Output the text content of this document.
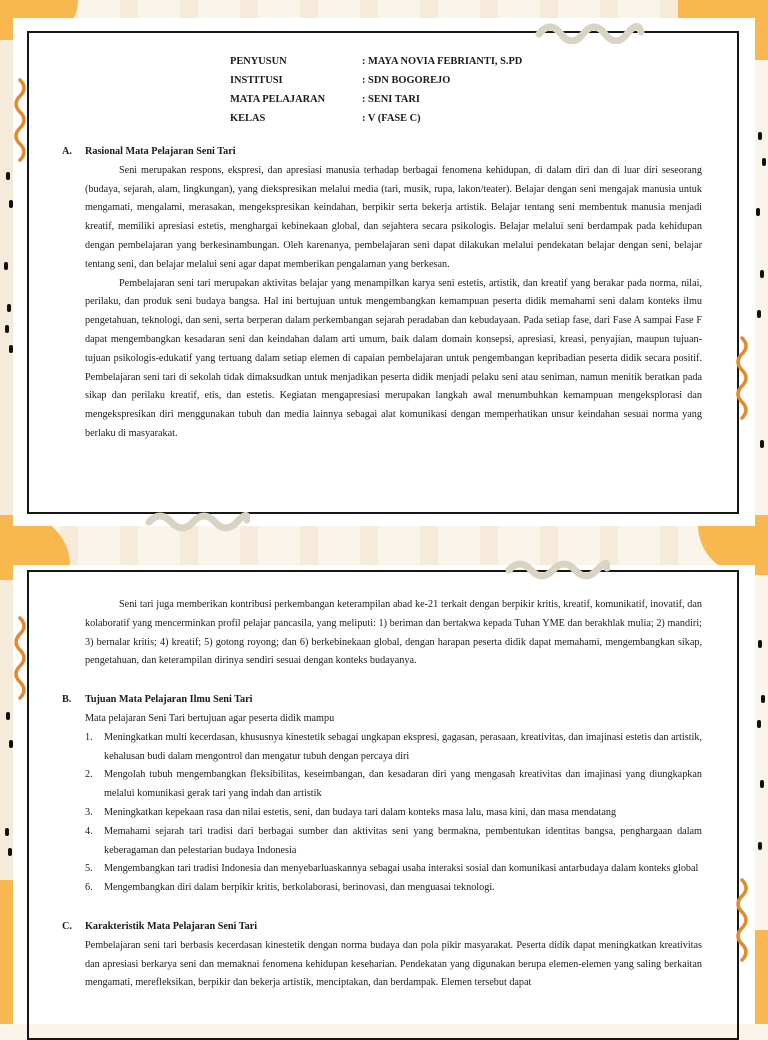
PENYUSUN	: MAYA NOVIA FEBRIANTI, S.PD
INSTITUSI	: SDN BOGOREJO
MATA PELAJARAN	: SENI TARI
KELAS	: V (FASE C)
A.	Rasional Mata Pelajaran Seni Tari

Seni merupakan respons, ekspresi, dan apresiasi manusia terhadap berbagai fenomena kehidupan, di dalam diri dan di luar diri seseorang (budaya, sejarah, alam, lingkungan), yang diekspresikan melalui media (tari, musik, rupa, lakon/teater). Belajar dengan seni mengajak manusia untuk mengamati, mengalami, merasakan, mengekspresikan keindahan, berpikir serta bekerja artistik. Belajar tentang seni membentuk manusia menjadi kreatif, memiliki apresiasi estetis, menghargai kebinekaan global, dan sejahtera secara psikologis. Belajar melalui seni berdampak pada kehidupan dengan pembelajaran yang berkesinambungan. Oleh karenanya, pembelajaran seni dapat dilakukan melalui pendekatan belajar dengan seni, belajar tentang seni, dan belajar melalui seni agar dapat memberikan pengalaman yang berkesan.

Pembelajaran seni tari merupakan aktivitas belajar yang menampilkan karya seni estetis, artistik, dan kreatif yang berakar pada norma, nilai, perilaku, dan produk seni budaya bangsa. Hal ini bertujuan untuk mengembangkan kemampuan peserta didik memahami seni dalam konteks ilmu pengetahuan, teknologi, dan seni, serta berperan dalam perkembangan sejarah peradaban dan kebudayaan. Pada setiap fase, dari Fase A sampai Fase F dapat mengembangkan kesadaran seni dan keindahan dalam arti umum, baik dalam domain konsepsi, apresiasi, kreasi, penyajian, maupun tujuan-tujuan psikologis-edukatif yang tertuang dalam setiap elemen di capaian pembelajaran untuk pengembangan kepribadian peserta didik secara positif. Pembelajaran seni tari di sekolah tidak dimaksudkan untuk menjadikan peserta didik menjadi pelaku seni atau seniman, namun menitik beratkan pada sikap dan perilaku kreatif, etis, dan estetis. Kegiatan mengapresiasi merupakan langkah awal menumbuhkan kemampuan mengeksplorasi dan mengekspresikan diri menggunakan tubuh dan media lainnya sebagai alat komunikasi dengan memperhatikan unsur keindahan sesuai norma yang berlaku di masyarakat.

Seni tari juga memberikan kontribusi perkembangan keterampilan abad ke-21 terkait dengan berpikir kritis, kreatif, komunikatif, inovatif, dan kolaboratif yang mencerminkan profil pelajar pancasila, yang meliputi: 1) beriman dan bertakwa kepada Tuhan YME dan berakhlak mulia; 2) mandiri; 3) bernalar kritis; 4) kreatif; 5) gotong royong; dan 6) berkebinekaan global, dengan harapan peserta didik dapat memahami, mengembangkan sikap, pengetahuan, dan keterampilan dirinya sendiri sesuai dengan konteks budayanya.

B.	Tujuan Mata Pelajaran Ilmu Seni Tari

Mata pelajaran Seni Tari bertujuan agar peserta didik mampu

1.	Meningkatkan multi kecerdasan, khususnya kinestetik sebagai ungkapan ekspresi, gagasan, perasaan, kreativitas, dan imajinasi estetis dan artistik, kehalusan budi dalam mengontrol dan mengatur tubuh dengan percaya diri
2.	Mengolah tubuh mengembangkan fleksibilitas, keseimbangan, dan kesadaran diri yang mengasah kreativitas dan imajinasi yang diungkapkan melalui komunikasi gerak tari yang indah dan artistik
3.	Meningkatkan kepekaan rasa dan nilai estetis, seni, dan budaya tari dalam konteks masa lalu, masa kini, dan masa mendatang
4.	Memahami sejarah tari tradisi dari berbagai sumber dan aktivitas seni yang bermakna, pembentukan identitas bangsa, penghargaan dalam keberagaman dan pelestarian budaya Indonesia
5.	Mengembangkan tari tradisi Indonesia dan menyebarluaskannya sebagai usaha interaksi sosial dan komunikasi antarbudaya dalam konteks global
6.	Mengembangkan diri dalam berpikir kritis, berkolaborasi, berinovasi, dan menguasai teknologi.
C.	Karakteristik Mata Pelajaran Seni Tari

Pembelajaran seni tari berbasis kecerdasan kinestetik dengan norma budaya dan pola pikir masyarakat. Peserta didik dapat meningkatkan kreativitas dan apresiasi berkarya seni dan memaknai fenomena kehidupan keseharian. Pendekatan yang digunakan berupa elemen-elemen yang saling berkaitan mengamati, merefleksikan, berpikir dan bekerja artistik, menciptakan, dan berdampak. Elemen tersebut dapat
